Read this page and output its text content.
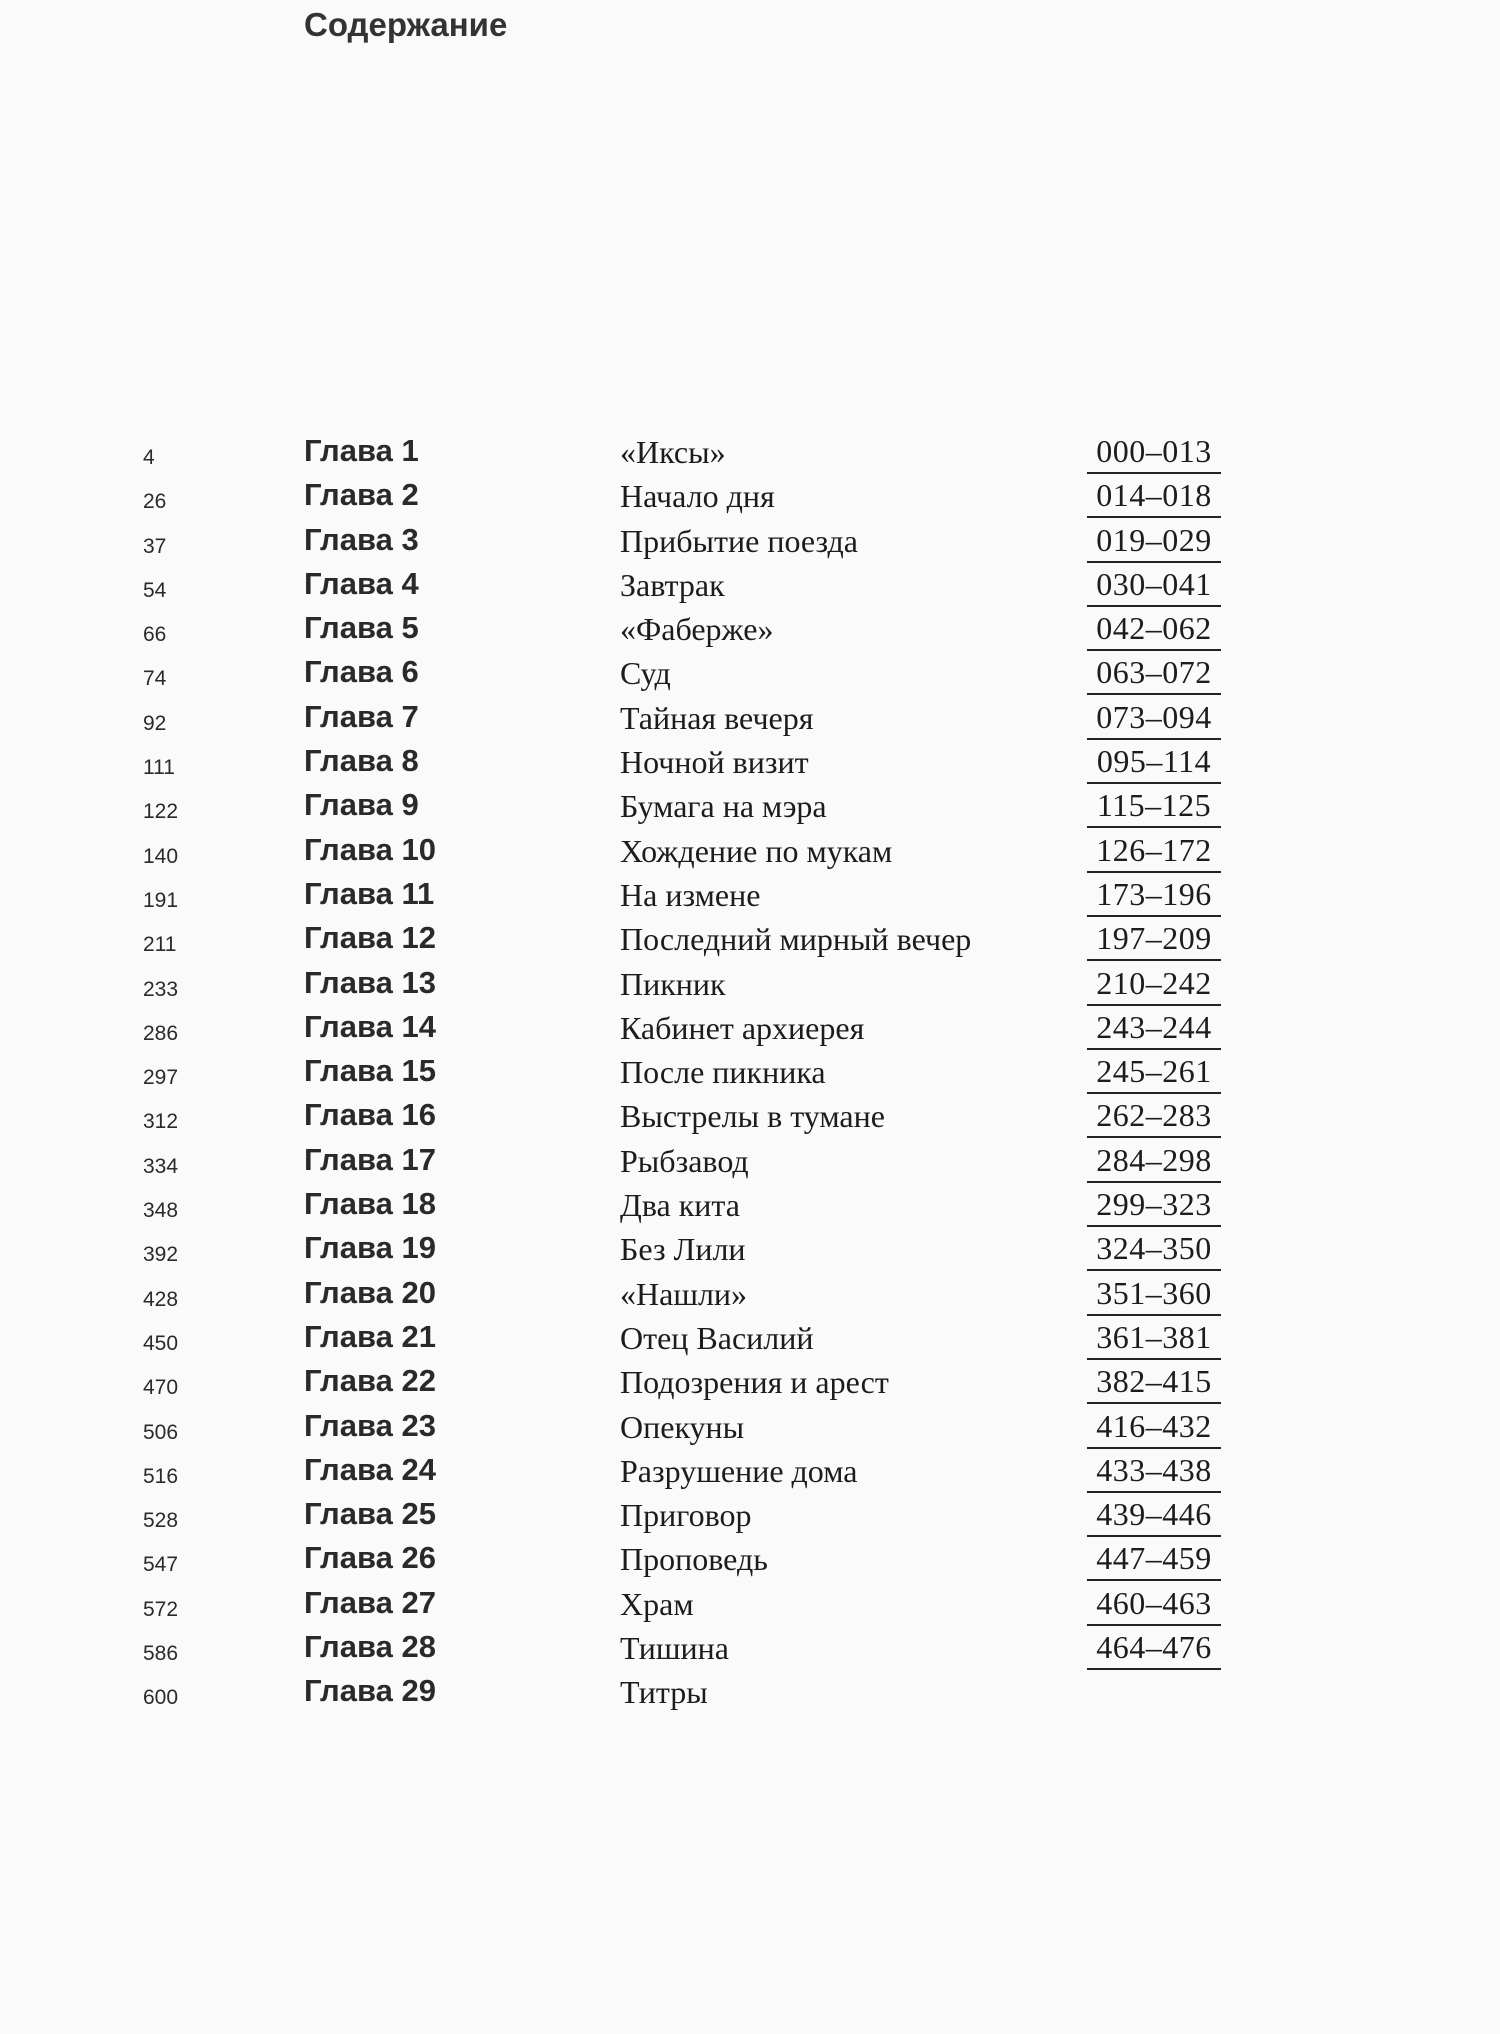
Содержание
4	Глава 1	«Иксы»	000–013
26	Глава 2	Начало дня	014–018
37	Глава 3	Прибытие поезда	019–029
54	Глава 4	Завтрак	030–041
66	Глава 5	«Фаберже»	042–062
74	Глава 6	Суд	063–072
92	Глава 7	Тайная вечеря	073–094
111	Глава 8	Ночной визит	095–114
122	Глава 9	Бумага на мэра	115–125
140	Глава 10	Хождение по мукам	126–172
191	Глава 11	На измене	173–196
211	Глава 12	Последний мирный вечер	197–209
233	Глава 13	Пикник	210–242
286	Глава 14	Кабинет архиерея	243–244
297	Глава 15	После пикника	245–261
312	Глава 16	Выстрелы в тумане	262–283
334	Глава 17	Рыбзавод	284–298
348	Глава 18	Два кита	299–323
392	Глава 19	Без Лили	324–350
428	Глава 20	«Нашли»	351–360
450	Глава 21	Отец Василий	361–381
470	Глава 22	Подозрения и арест	382–415
506	Глава 23	Опекуны	416–432
516	Глава 24	Разрушение дома	433–438
528	Глава 25	Приговор	439–446
547	Глава 26	Проповедь	447–459
572	Глава 27	Храм	460–463
586	Глава 28	Тишина	464–476
600	Глава 29	Титры
